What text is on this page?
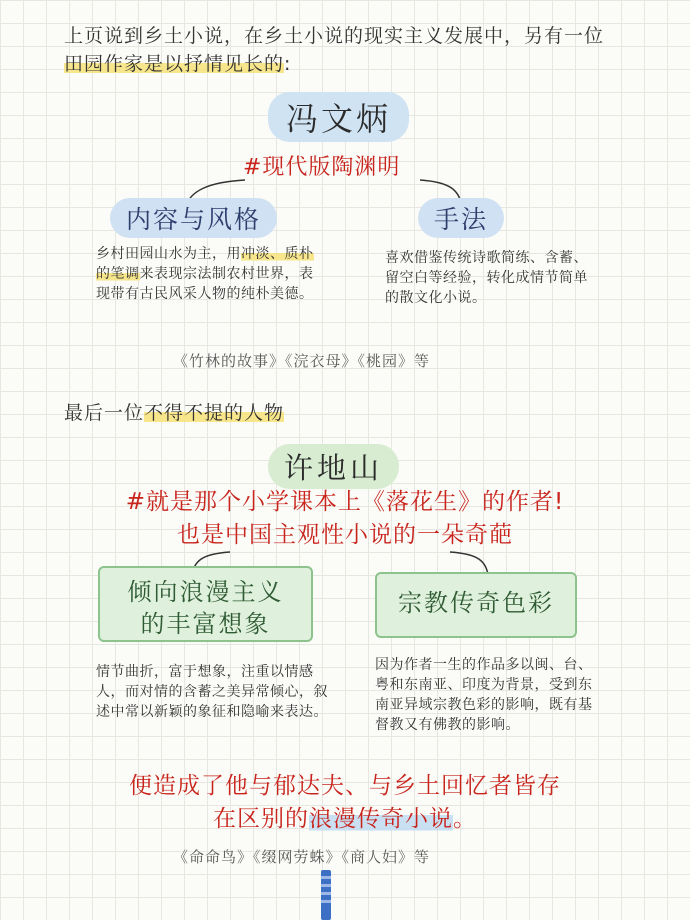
上页说到乡土小说，在乡土小说的现实主义发展中，另有一位田园作家是以抒情见长的:
冯文炳
#现代版陶渊明
内容与风格	手法
乡村田园山水为主，用冲淡、质朴的笔调来表现宗法制农村世界，表现带有古民风采人物的纯朴美德。
喜欢借鉴传统诗歌简练、含蓄、留空白等经验，转化成情节简单的散文化小说。
《竹林的故事》《浣衣母》《桃园》等
最后一位不得不提的人物
许地山
#就是那个小学课本上《落花生》的作者!
也是中国主观性小说的一朵奇葩
倾向浪漫主义
的丰富想象
宗教传奇色彩
情节曲折，富于想象，注重以情感人，而对情的含蓄之美异常倾心，叙述中常以新颖的象征和隐喻来表达。
因为作者一生的作品多以闽、台、粤和东南亚、印度为背景，受到东南亚异域宗教色彩的影响，既有基督教又有佛教的影响。
便造成了他与郁达夫、与乡土回忆者皆存
在区别的浪漫传奇小说。
《命命鸟》《缀网劳蛛》《商人妇》等
